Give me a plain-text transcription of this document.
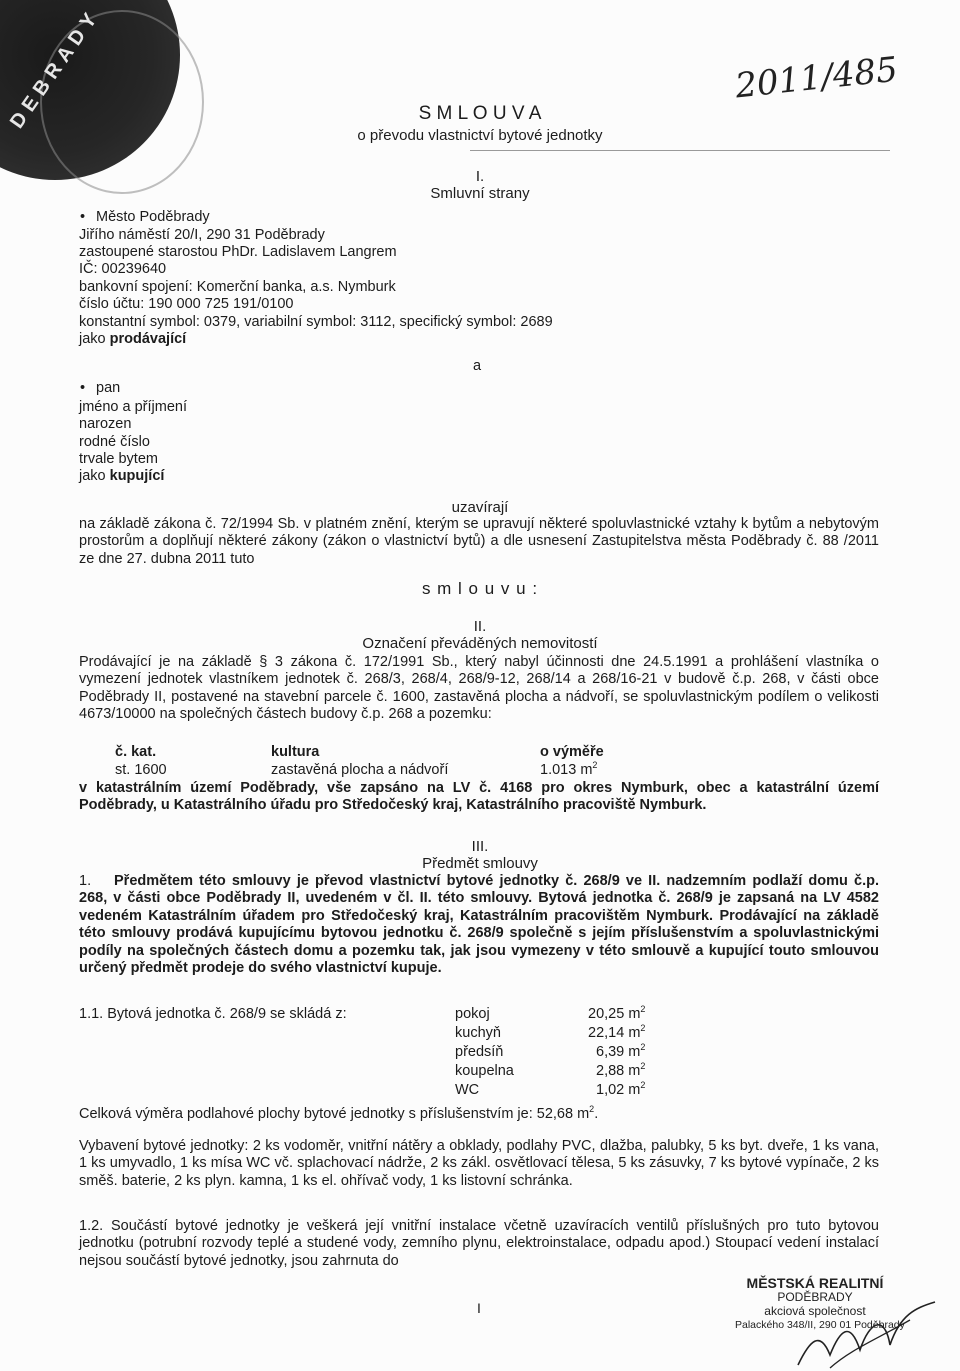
DEBRADY	2011/485
S M L O U V A
o převodu vlastnictví bytové jednotky
I.
Smluvní strany
• Město Poděbrady
Jiřího náměstí 20/I, 290 31 Poděbrady
zastoupené starostou PhDr. Ladislavem Langrem
IČ: 00239640
bankovní spojení: Komerční banka, a.s. Nymburk
číslo účtu: 190 000 725 191/0100
konstantní symbol: 0379, variabilní symbol: 3112, specifický symbol: 2689
jako prodávající
a
• pan
jméno a příjmení
narozen
rodné číslo
trvale bytem
jako kupující
uzavírají
na základě zákona č. 72/1994 Sb. v platném znění, kterým se upravují některé spoluvlastnické vztahy k bytům a nebytovým prostorům a doplňují některé zákony (zákon o vlastnictví bytů) a dle usnesení Zastupitelstva města Poděbrady č. 88 /2011 ze dne 27. dubna 2011 tuto
s m l o u v u :
II.
Označení převáděných nemovitostí
Prodávající je na základě § 3 zákona č. 172/1991 Sb., který nabyl účinnosti dne 24.5.1991 a prohlášení vlastníka o vymezení jednotek vlastníkem jednotek č. 268/3, 268/4, 268/9-12, 268/14 a 268/16-21 v budově č.p. 268, v části obce Poděbrady II, postavené na stavební parcele č. 1600, zastavěná plocha a nádvoří, se spoluvlastnickým podílem o velikosti 4673/10000 na společných částech budovy č.p. 268 a pozemku:
č. kat.	kultura	o výměře
st. 1600	zastavěná plocha a nádvoří	1.013 $m^2$
v katastrálním území Poděbrady, vše zapsáno na LV č. 4168 pro okres Nymburk, obec a katastrální území Poděbrady, u Katastrálního úřadu pro Středočeský kraj, Katastrálního pracoviště Nymburk.
III.
Předmět smlouvy
1.	Předmětem této smlouvy je převod vlastnictví bytové jednotky č. 268/9 ve II. nadzemním podlaží domu č.p. 268, v části obce Poděbrady II, uvedeném v čl. II. této smlouvy. Bytová jednotka č. 268/9 je zapsaná na LV 4582 vedeném Katastrálním úřadem pro Středočeský kraj, Katastrálním pracovištěm Nymburk. Prodávající na základě této smlouvy prodává kupujícímu bytovou jednotku č. 268/9 společně s jejím příslušenstvím a spoluvlastnickými podíly na společných částech domu a pozemku tak, jak jsou vymezeny v této smlouvě a kupující touto smlouvou určený předmět prodeje do svého vlastnictví kupuje.
1.1. Bytová jednotka č. 268/9 se skládá z:	pokoj	20,25 $m^2$
kuchyň	22,14 $m^2$
předsíň	6,39 $m^2$
koupelna	2,88 $m^2$
WC	1,02 $m^2$
Celková výměra podlahové plochy bytové jednotky s příslušenstvím je: 52,68 $m^2$.
Vybavení bytové jednotky: 2 ks vodoměr, vnitřní nátěry a obklady, podlahy PVC, dlažba, palubky, 5 ks byt. dveře, 1 ks vana, 1 ks umyvadlo, 1 ks mísa WC vč. splachovací nádrže, 2 ks zákl. osvětlovací tělesa, 5 ks zásuvky, 7 ks bytové vypínače, 2 ks směš. baterie, 2 ks plyn. kamna, 1 ks el. ohřívač vody, 1 ks listovní schránka.
1.2. Součástí bytové jednotky je veškerá její vnitřní instalace včetně uzavíracích ventilů příslušných pro tuto bytovou jednotku (potrubní rozvody teplé a studené vody, zemního plynu, elektroinstalace, odpadu apod.) Stoupací vedení instalací nejsou součástí bytové jednotky, jsou zahrnuta do
I
MĚSTSKÁ REALITNÍ
PODĚBRADY
akciová společnost
Palackého 348/II, 290 01 Poděbrady
